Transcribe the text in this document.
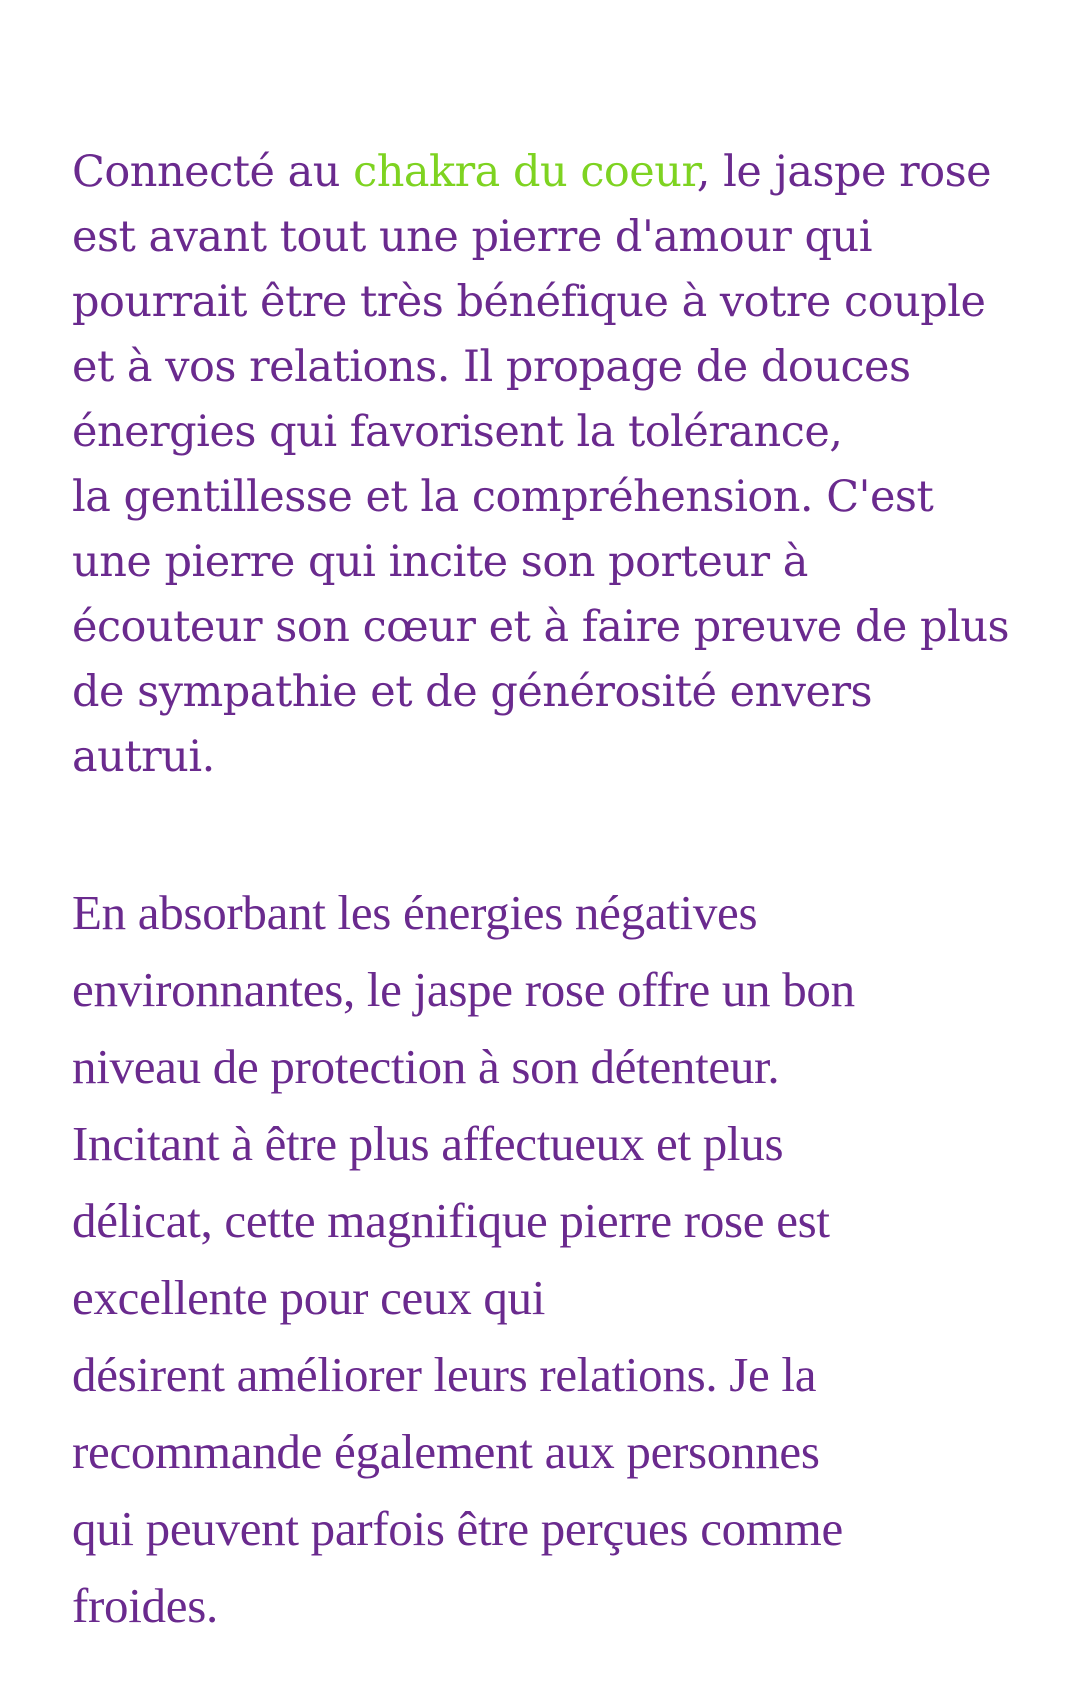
Connecté au chakra du coeur, le jaspe rose
est avant tout une pierre d'amour qui
pourrait être très bénéfique à votre couple
et à vos relations. Il propage de douces
énergies qui favorisent la tolérance,
la gentillesse et la compréhension. C'est
une pierre qui incite son porteur à
écouteur son cœur et à faire preuve de plus
de sympathie et de générosité envers
autrui.

En absorbant les énergies négatives
environnantes, le jaspe rose offre un bon
niveau de protection à son détenteur.
Incitant à être plus affectueux et plus
délicat, cette magnifique pierre rose est
excellente pour ceux qui
désirent améliorer leurs relations. Je la
recommande également aux personnes
qui peuvent parfois être perçues comme
froides.
